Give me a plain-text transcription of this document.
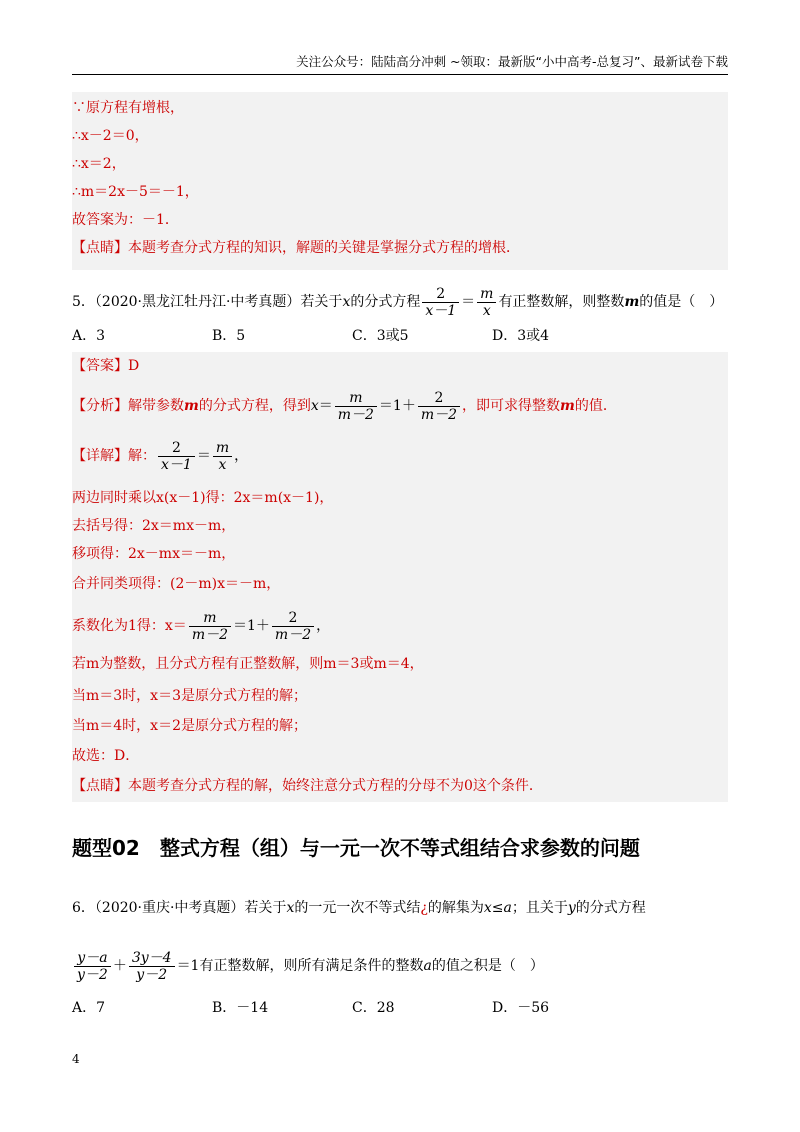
关注公众号：陆陆高分冲刺 ~领取：最新版“小中高考-总复习”、最新试卷下载
∵原方程有增根，
∴x－2＝0，
∴x＝2，
∴m＝2x－5＝－1，
故答案为：－1．
【点睛】本题考查分式方程的知识，解题的关键是掌握分式方程的增根．
5．（2020·黑龙江牡丹江·中考真题）若关于x的分式方程 $\frac{2}{x-1} = \frac{m}{x}$ 有正整数解，则整数m的值是（　）
A．3	B．5	C．3或5	D．3或4
【答案】D
【分析】解带参数m的分式方程，得到$x= \frac{m}{m-2} =1+ \frac{2}{m-2}$ ，即可求得整数m的值．
【详解】解： $\frac{2}{x-1} = \frac{m}{x}$ ，
两边同时乘以x(x－1)得：2x＝m(x－1)，
去括号得：2x＝mx－m，
移项得：2x－mx＝－m，
合并同类项得：(2－m)x＝－m，
系数化为1得：$x= \frac{m}{m-2} =1+ \frac{2}{m-2}$ ，
若m为整数，且分式方程有正整数解，则m＝3或m＝4，
当m＝3时，x＝3是原分式方程的解；
当m＝4时，x＝2是原分式方程的解；
故选：D．
【点睛】本题考查分式方程的解，始终注意分式方程的分母不为0这个条件．
题型02　整式方程（组）与一元一次不等式组结合求参数的问题
6．（2020·重庆·中考真题）若关于x的一元一次不等式结¿的解集为x≤a；且关于y的分式方程
$\frac{y-a}{y-2} + \frac{3y-4}{y-2} =1$有正整数解，则所有满足条件的整数a的值之积是（　）
A．7	B．－14	C．28	D．－56
4
